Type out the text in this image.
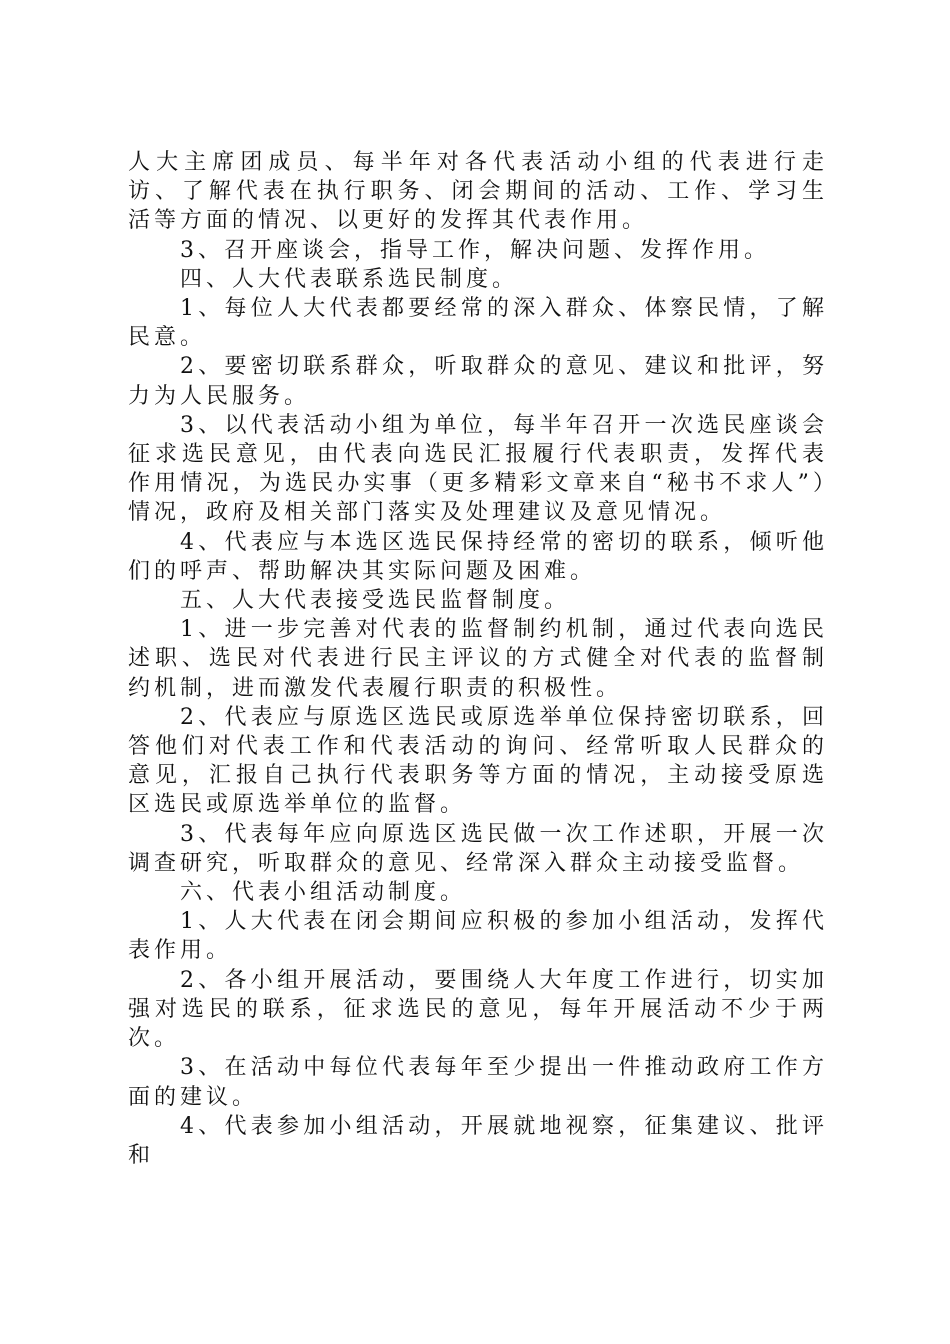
人大主席团成员、每半年对各代表活动小组的代表进行走访、了解代表在执行职务、闭会期间的活动、工作、学习生活等方面的情况、以更好的发挥其代表作用。

3、召开座谈会，指导工作，解决问题、发挥作用。

四、人大代表联系选民制度。

1、每位人大代表都要经常的深入群众、体察民情，了解民意。

2、要密切联系群众，听取群众的意见、建议和批评，努力为人民服务。

3、以代表活动小组为单位，每半年召开一次选民座谈会征求选民意见，由代表向选民汇报履行代表职责，发挥代表作用情况，为选民办实事（更多精彩文章来自“秘书不求人”）情况，政府及相关部门落实及处理建议及意见情况。

4、代表应与本选区选民保持经常的密切的联系，倾听他们的呼声、帮助解决其实际问题及困难。

五、人大代表接受选民监督制度。

1、进一步完善对代表的监督制约机制，通过代表向选民述职、选民对代表进行民主评议的方式健全对代表的监督制约机制，进而激发代表履行职责的积极性。

2、代表应与原选区选民或原选举单位保持密切联系，回答他们对代表工作和代表活动的询问、经常听取人民群众的意见，汇报自己执行代表职务等方面的情况，主动接受原选区选民或原选举单位的监督。

3、代表每年应向原选区选民做一次工作述职，开展一次调查研究，听取群众的意见、经常深入群众主动接受监督。

六、代表小组活动制度。

1、人大代表在闭会期间应积极的参加小组活动，发挥代表作用。

2、各小组开展活动，要围绕人大年度工作进行，切实加强对选民的联系，征求选民的意见，每年开展活动不少于两次。

3、在活动中每位代表每年至少提出一件推动政府工作方面的建议。

4、代表参加小组活动，开展就地视察，征集建议、批评和
